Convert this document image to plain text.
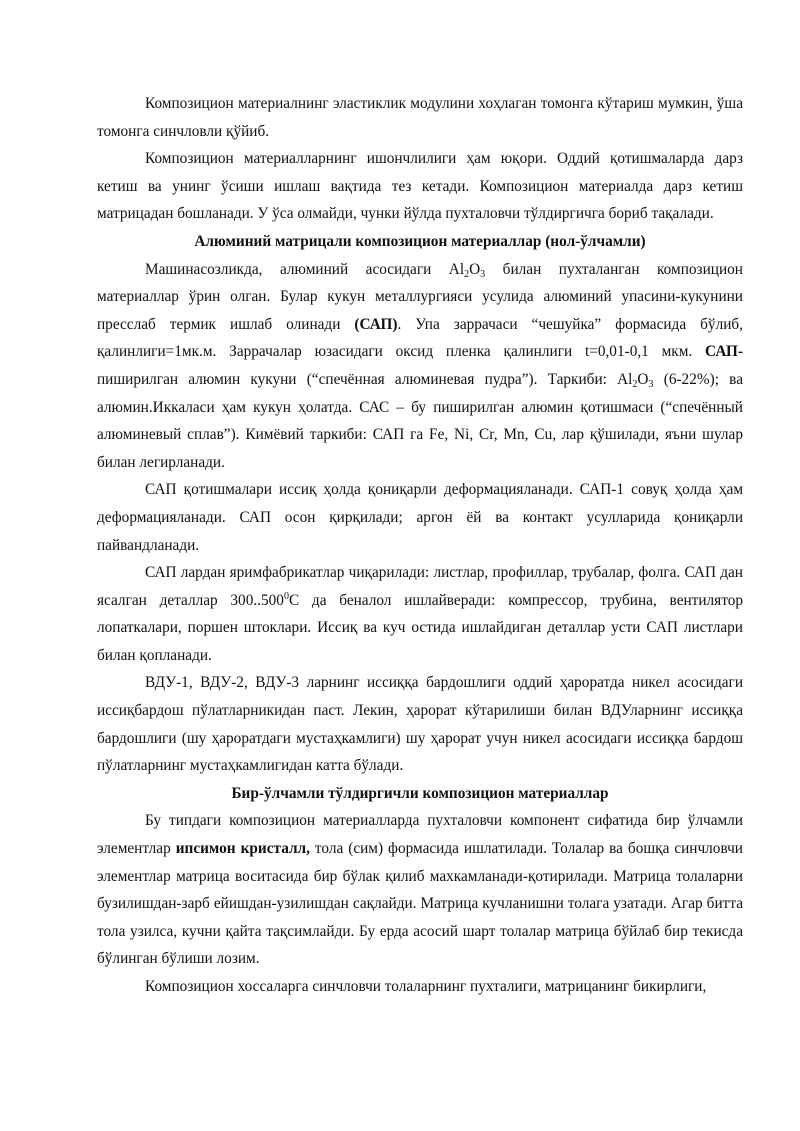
Композицион материалнинг эластиклик модулини хоҳлаган томонга кўтариш мумкин, ўша томонга синчловли қўйиб.

Композицион материалларнинг ишончлилиги ҳам юқори. Оддий қотишмаларда дарз кетиш ва унинг ўсиши ишлаш вақтида тез кетади. Композицион материалда дарз кетиш матрицадан бошланади. У ўса олмайди, чунки йўлда пухталовчи тўлдиргичга бориб тақалади.

Алюминий матрицали композицион материаллар (нол-ўлчамли)

Машинасозликда, алюминий асосидаги $Al_2O_3$ билан пухталанган композицион материаллар ўрин олган. Булар кукун металлургияси усулида алюминий упасини-кукунини пресслаб термик ишлаб олинади (САП). Упа заррачаси “чешуйка” формасида бўлиб, қалинлиги=1мк.м. Заррачалар юзасидаги оксид пленка қалинлиги t=0,01-0,1 мкм. САП-пиширилган алюмин кукуни (“спечённая алюминевая пудра”). Таркиби: $Al_2O_3$ (6-22%); ва алюмин.Иккаласи ҳам кукун ҳолатда. САС – бу пиширилган алюмин қотишмаси (“спечённый алюминевый сплав”). Кимёвий таркиби: САП га Fe, Ni, Cr, Mn, Cu, лар қўшилади, яъни шулар билан легирланади.

САП қотишмалари иссиқ ҳолда қониқарли деформацияланади. САП-1 совуқ ҳолда ҳам деформацияланади. САП осон қирқилади; аргон ёй ва контакт усулларида қониқарли пайвандланади.

САП лардан яримфабрикатлар чиқарилади: листлар, профиллар, трубалар, фолга. САП дан ясалган деталлар 300..500$^0$С да беналол ишлайверади: компрессор, трубина, вентилятор лопаткалари, поршен штоклари. Иссиқ ва куч остида ишлайдиган деталлар усти САП листлари билан қопланади.

ВДУ-1, ВДУ-2, ВДУ-3 ларнинг иссиққа бардошлиги оддий ҳароратда никел асосидаги иссиқбардош пўлатларникидан паст. Лекин, ҳарорат кўтарилиши билан ВДУларнинг иссиққа бардошлиги (шу ҳароратдаги мустаҳкамлиги) шу ҳарорат учун никел асосидаги иссиққа бардош пўлатларнинг мустаҳкамлигидан катта бўлади.

Бир-ўлчамли тўлдиргичли композицион материаллар

Бу типдаги композицион материалларда пухталовчи компонент сифатида бир ўлчамли элементлар ипсимон кристалл, тола (сим) формасида ишлатилади. Толалар ва бошқа синчловчи элементлар матрица воситасида бир бўлак қилиб махкамланади-қотирилади. Матрица толаларни бузилишдан-зарб ейишдан-узилишдан сақлайди. Матрица кучланишни толага узатади. Агар битта тола узилса, кучни қайта тақсимлайди. Бу ерда асосий шарт толалар матрица бўйлаб бир текисда бўлинган бўлиши лозим.

Композицион хоссаларга синчловчи толаларнинг пухталиги, матрицанинг бикирлиги,
